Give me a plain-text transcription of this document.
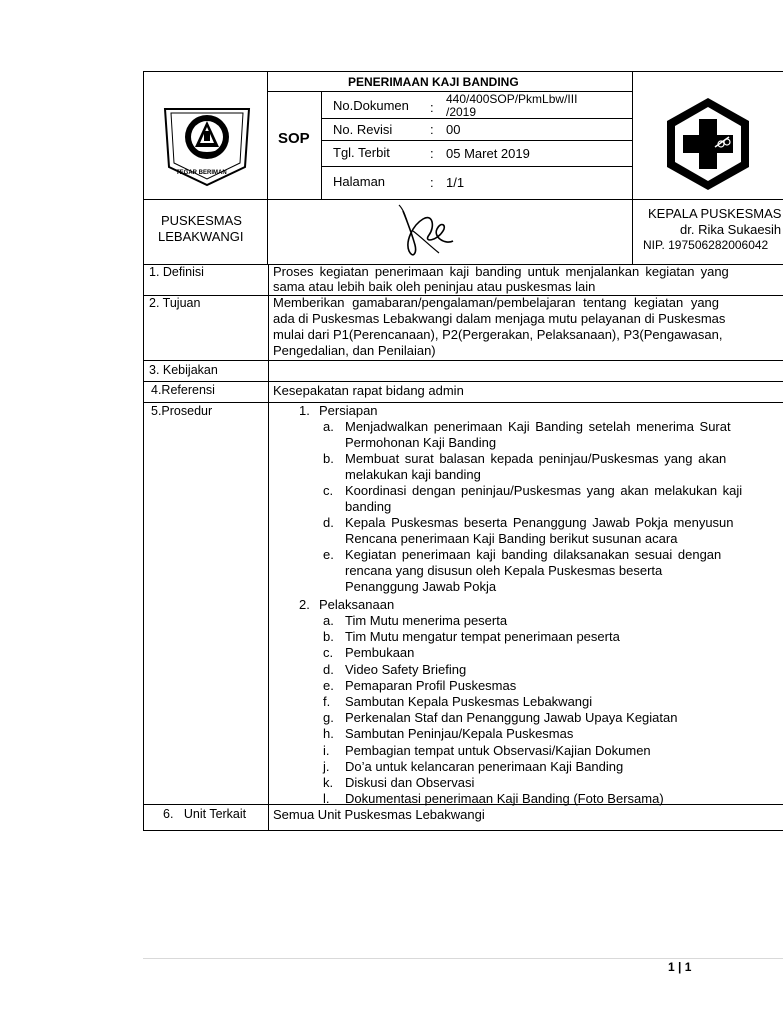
TEGAR BERIMAN
PENERIMAAN KAJI BANDING
SOP
No.Dokumen :
440/400SOP/PkmLbw/III
/2019
No. Revisi	: 00
Tgl. Terbit	: 05 Maret 2019
Halaman	: 1/1
PUSKESMAS
LEBAKWANGI
KEPALA PUSKESMAS
dr. Rika Sukaesih
NIP. 197506282006042
1. Definisi	Proses kegiatan penerimaan kaji banding untuk menjalankan kegiatan yang
sama atau lebih baik oleh peninjau atau puskesmas lain
2. Tujuan	Memberikan gamabaran/pengalaman/pembelajaran tentang kegiatan yang
ada di Puskesmas Lebakwangi dalam menjaga mutu pelayanan di Puskesmas
mulai dari P1(Perencanaan), P2(Pergerakan, Pelaksanaan), P3(Pengawasan,
Pengedalian, dan Penilaian)
3. Kebijakan
4.Referensi	Kesepakatan rapat bidang admin
5.Prosedur	1. Persiapan
a. Menjadwalkan penerimaan Kaji Banding setelah menerima Surat
Permohonan Kaji Banding
b. Membuat surat balasan kepada peninjau/Puskesmas yang akan
melakukan kaji banding
c. Koordinasi dengan peninjau/Puskesmas yang akan melakukan kaji
banding
d. Kepala Puskesmas beserta Penanggung Jawab Pokja menyusun
Rencana penerimaan Kaji Banding berikut susunan acara
e. Kegiatan penerimaan kaji banding dilaksanakan sesuai dengan
rencana yang disusun oleh Kepala Puskesmas beserta
Penanggung Jawab Pokja
2. Pelaksanaan
a. Tim Mutu menerima peserta
b. Tim Mutu mengatur tempat penerimaan peserta
c. Pembukaan
d. Video Safety Briefing
e. Pemaparan Profil Puskesmas
f. Sambutan Kepala Puskesmas Lebakwangi
g. Perkenalan Staf dan Penanggung Jawab Upaya Kegiatan
h. Sambutan Peninjau/Kepala Puskesmas
i. Pembagian tempat untuk Observasi/Kajian Dokumen
j. Do’a untuk kelancaran penerimaan Kaji Banding
k. Diskusi dan Observasi
l. Dokumentasi penerimaan Kaji Banding (Foto Bersama)
6.   Unit Terkait	Semua Unit Puskesmas Lebakwangi
1 | 1
